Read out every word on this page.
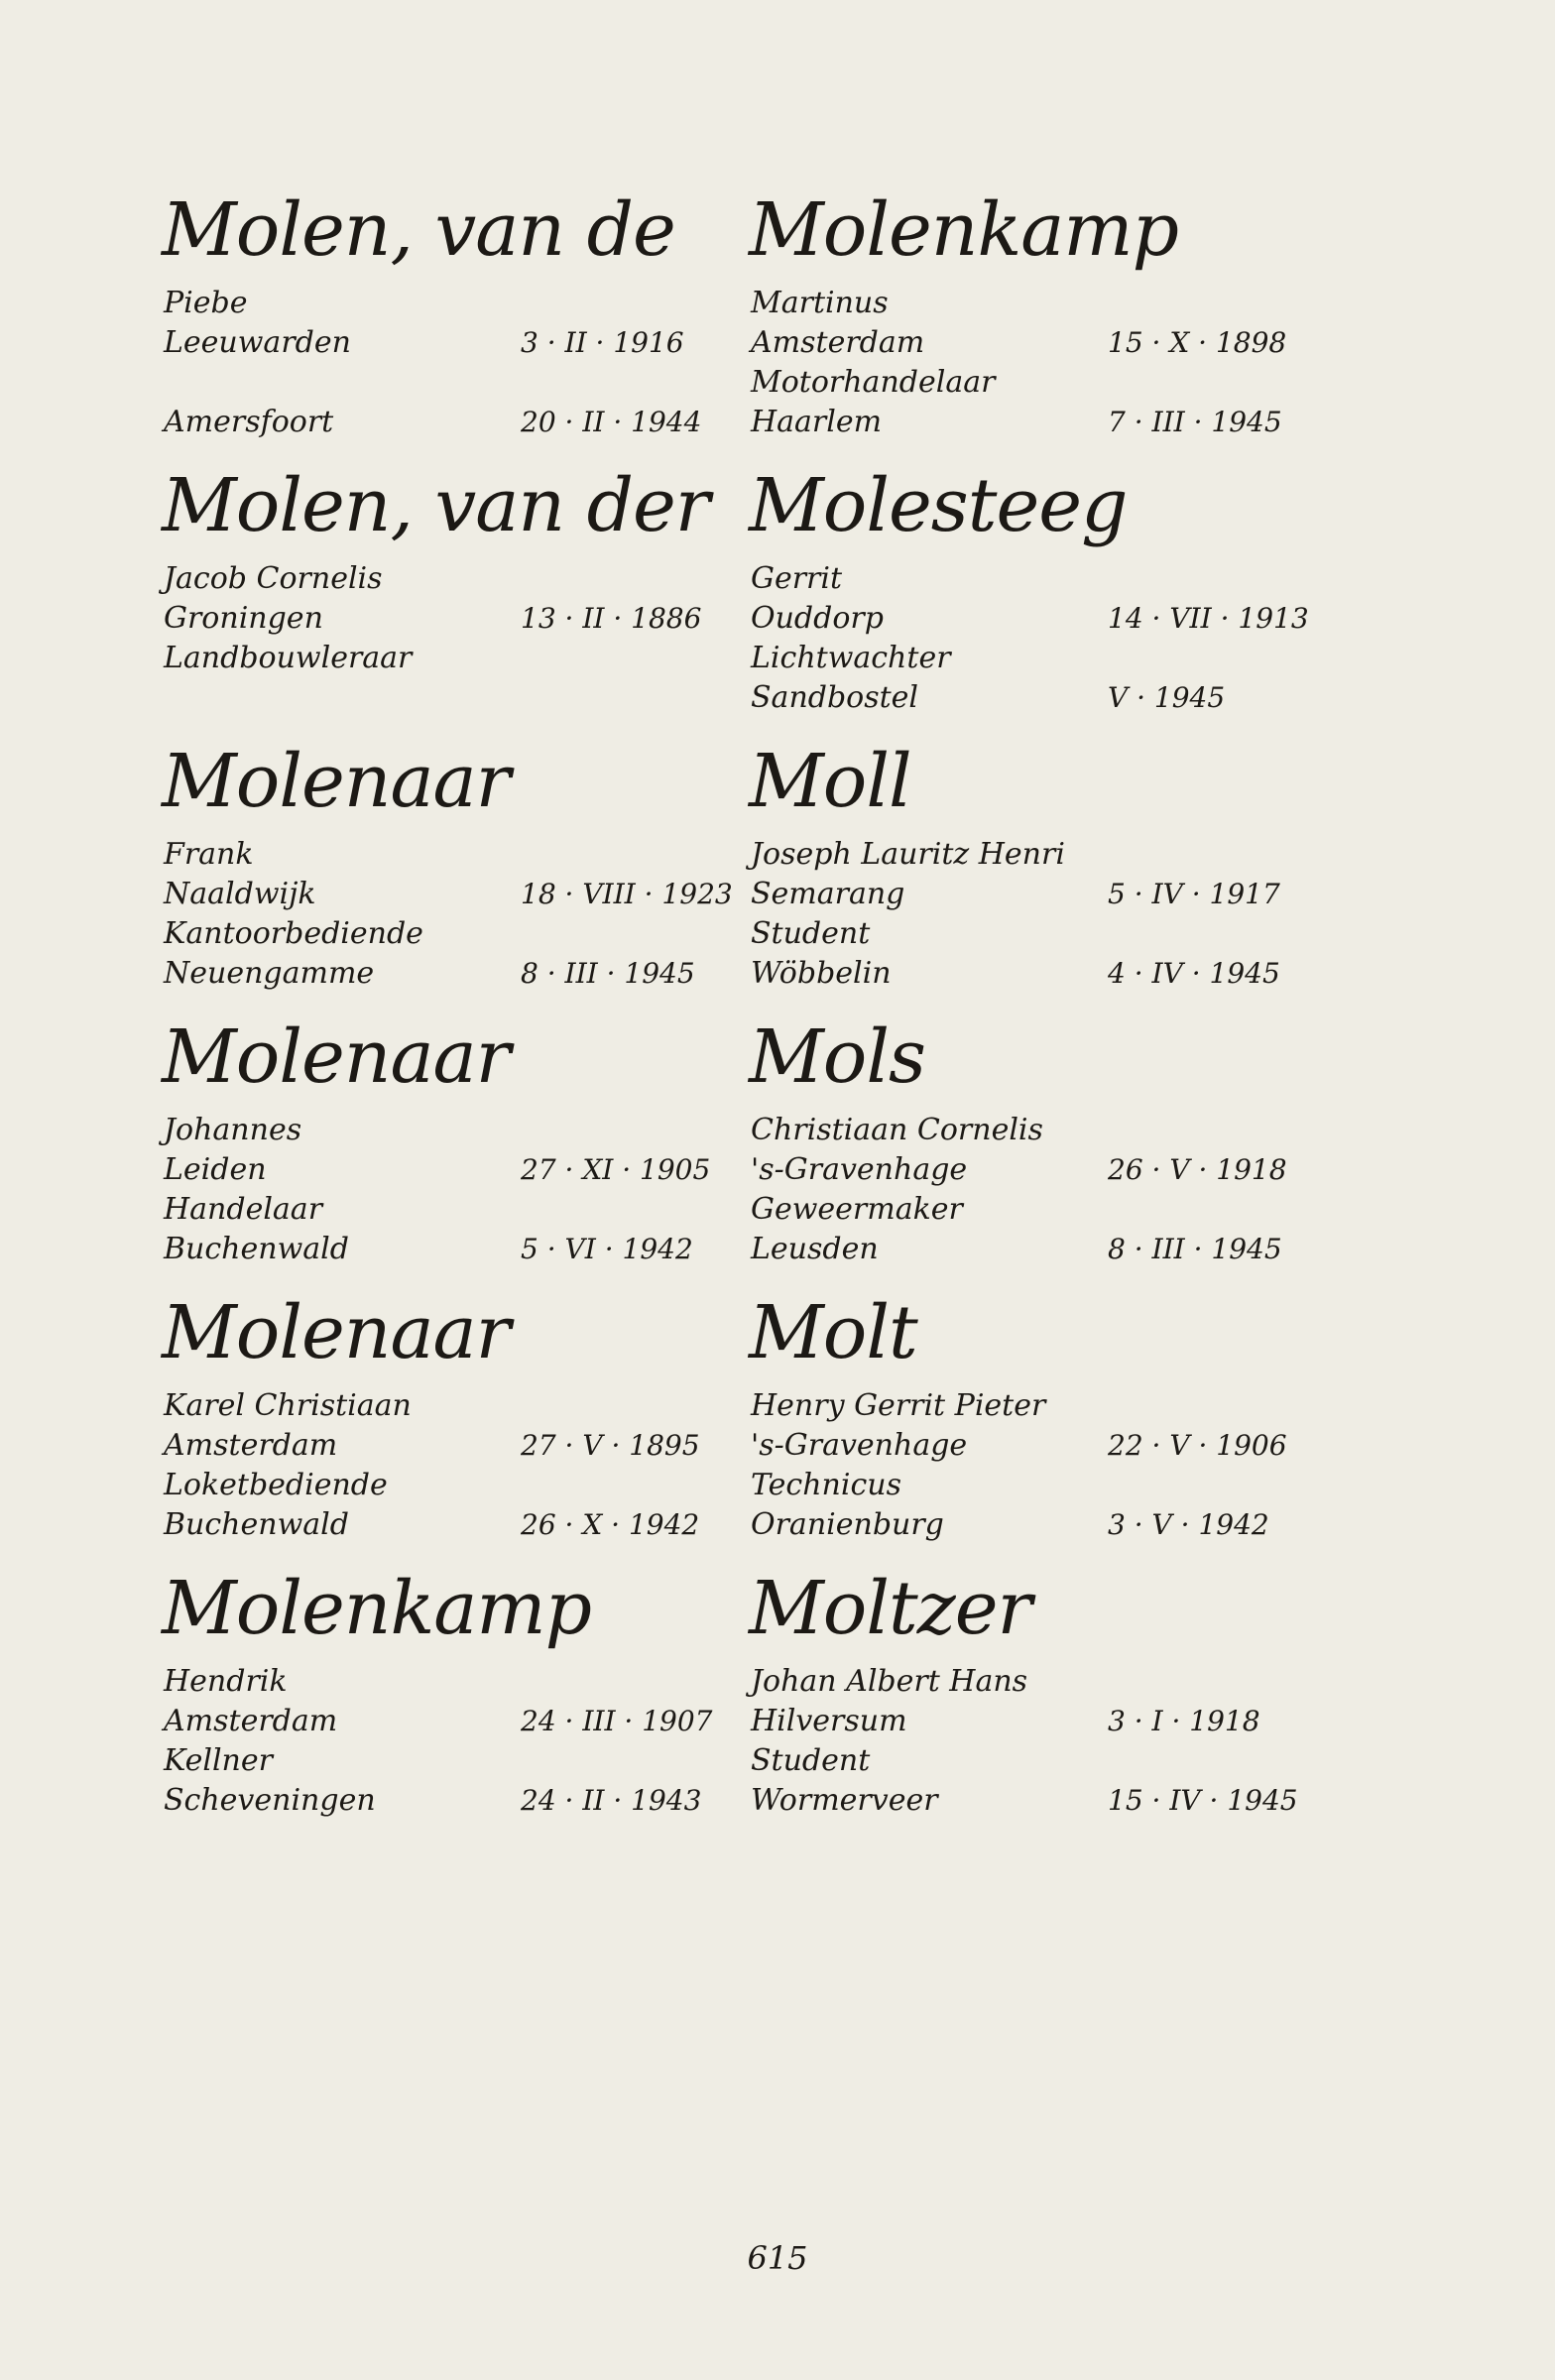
Molen, van de
Piebe
Leeuwarden	3 · II · 1916
Amersfoort	20 · II · 1944
Molen, van der
Jacob Cornelis
Groningen	13 · II · 1886
Landbouwleraar
Molenaar
Frank
Naaldwijk	18 · VIII · 1923
Kantoorbediende
Neuengamme	8 · III · 1945
Molenaar
Johannes
Leiden	27 · XI · 1905
Handelaar
Buchenwald	5 · VI · 1942
Molenaar
Karel Christiaan
Amsterdam	27 · V · 1895
Loketbediende
Buchenwald	26 · X · 1942
Molenkamp
Hendrik
Amsterdam	24 · III · 1907
Kellner
Scheveningen	24 · II · 1943
Molenkamp
Martinus
Amsterdam	15 · X · 1898
Motorhandelaar
Haarlem	7 · III · 1945
Molesteeg
Gerrit
Ouddorp	14 · VII · 1913
Lichtwachter
Sandbostel	V · 1945
Moll
Joseph Lauritz Henri
Semarang	5 · IV · 1917
Student
Wöbbelin	4 · IV · 1945
Mols
Christiaan Cornelis
's-Gravenhage	26 · V · 1918
Geweermaker
Leusden	8 · III · 1945
Molt
Henry Gerrit Pieter
's-Gravenhage	22 · V · 1906
Technicus
Oranienburg	3 · V · 1942
Moltzer
Johan Albert Hans
Hilversum	3 · I · 1918
Student
Wormerveer	15 · IV · 1945
615
